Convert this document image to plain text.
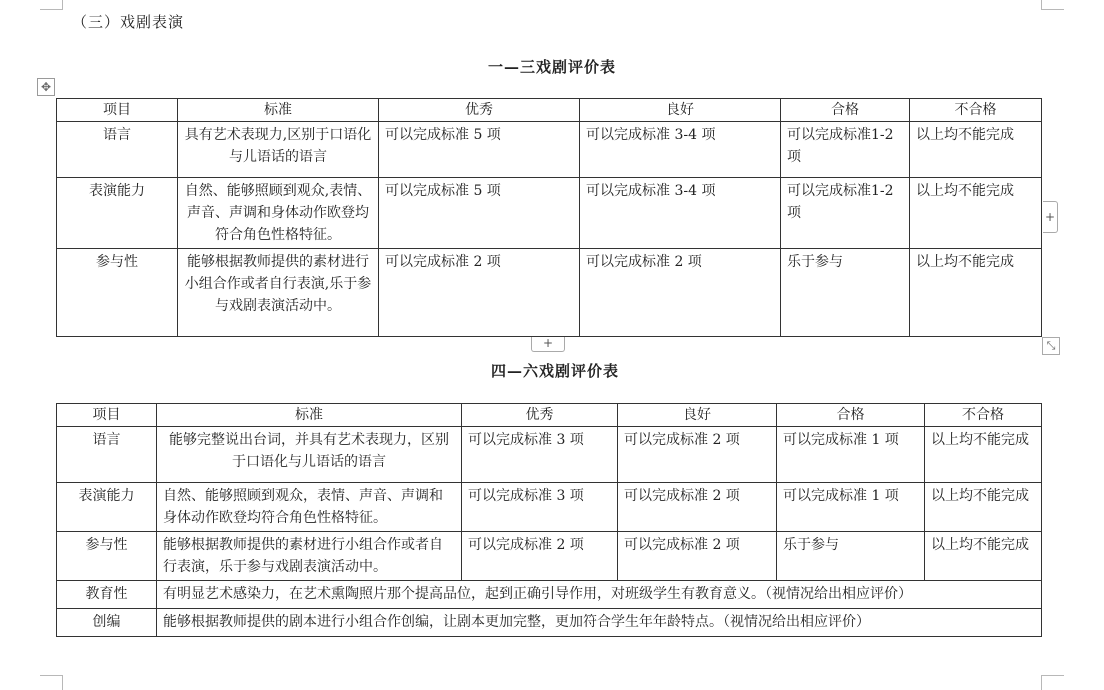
（三）戏剧表演
✥
一—三戏剧评价表
项目	标准	优秀	良好	合格	不合格
语言	具有艺术表现力,区别于口语化与儿语话的语言	可以完成标准 5 项	可以完成标准 3-4 项	可以完成标准1-2 项	以上均不能完成
表演能力	自然、能够照顾到观众,表情、声音、声调和身体动作欧登均符合角色性格特征。	可以完成标准 5 项	可以完成标准 3-4 项	可以完成标准1-2 项	以上均不能完成
参与性	能够根据教师提供的素材进行小组合作或者自行表演,乐于参与戏剧表演活动中。	可以完成标准 2 项	可以完成标准 2 项	乐于参与	以上均不能完成
+
+	⤡
四—六戏剧评价表
项目	标准	优秀	良好	合格	不合格
语言	能够完整说出台词，并具有艺术表现力，区别于口语化与儿语话的语言	可以完成标准 3 项	可以完成标准 2 项	可以完成标准 1 项	以上均不能完成
表演能力	自然、能够照顾到观众，表情、声音、声调和身体动作欧登均符合角色性格特征。	可以完成标准 3 项	可以完成标准 2 项	可以完成标准 1 项	以上均不能完成
参与性	能够根据教师提供的素材进行小组合作或者自行表演，乐于参与戏剧表演活动中。	可以完成标准 2 项	可以完成标准 2 项	乐于参与	以上均不能完成
教育性	有明显艺术感染力，在艺术熏陶照片那个提高品位，起到正确引导作用，对班级学生有教育意义。（视情况给出相应评价）				
创编	能够根据教师提供的剧本进行小组合作创编，让剧本更加完整，更加符合学生年年龄特点。（视情况给出相应评价）				
